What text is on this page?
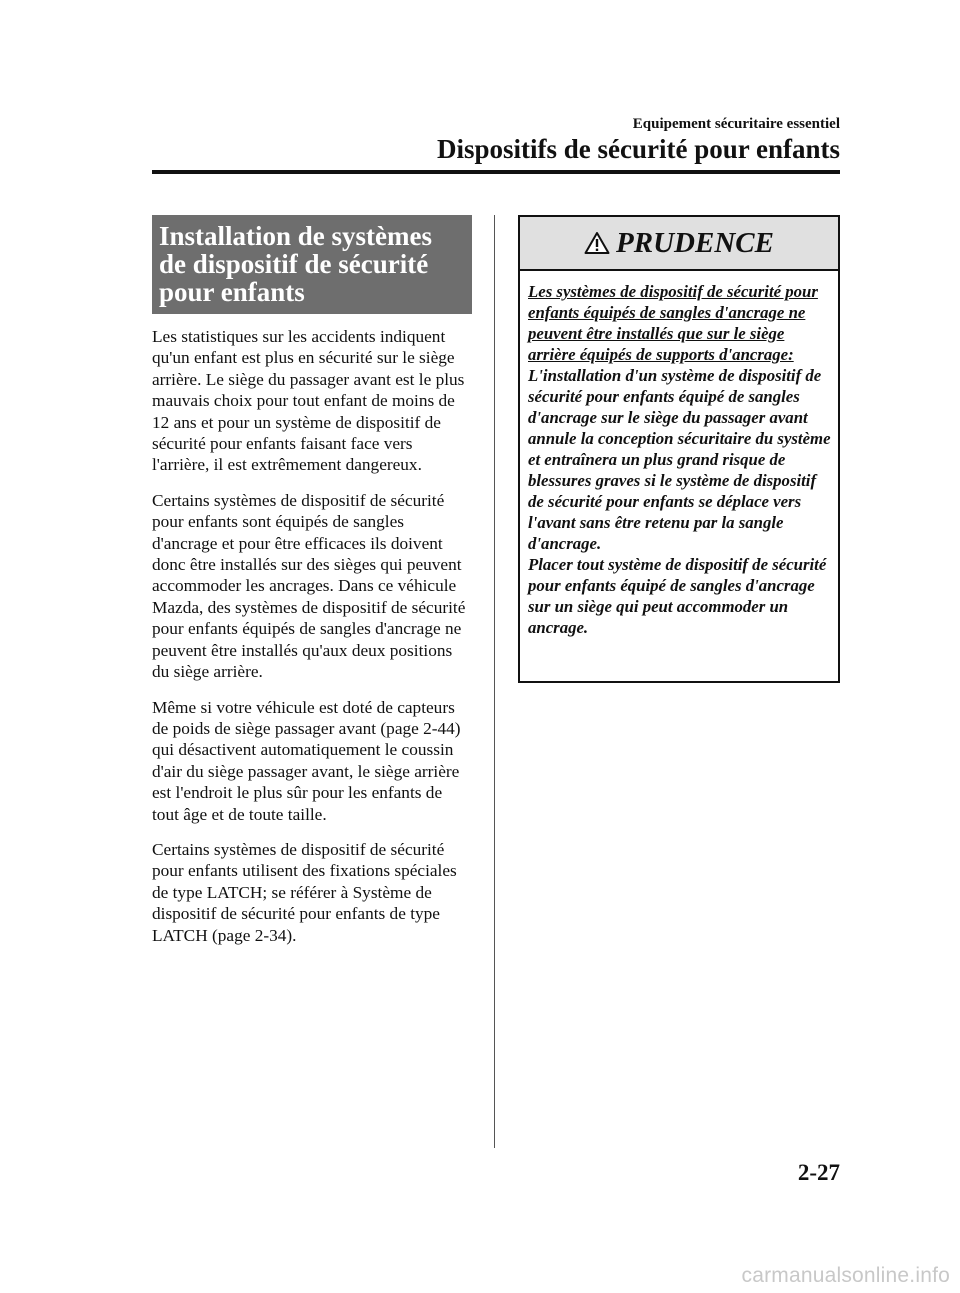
Equipement sécuritaire essentiel
Dispositifs de sécurité pour enfants
Installation de systèmes de dispositif de sécurité pour enfants

Les statistiques sur les accidents indiquent qu'un enfant est plus en sécurité sur le siège arrière. Le siège du passager avant est le plus mauvais choix pour tout enfant de moins de 12 ans et pour un système de dispositif de sécurité pour enfants faisant face vers l'arrière, il est extrêmement dangereux.

Certains systèmes de dispositif de sécurité pour enfants sont équipés de sangles d'ancrage et pour être efficaces ils doivent donc être installés sur des sièges qui peuvent accommoder les ancrages. Dans ce véhicule Mazda, des systèmes de dispositif de sécurité pour enfants équipés de sangles d'ancrage ne peuvent être installés qu'aux deux positions du siège arrière.

Même si votre véhicule est doté de capteurs de poids de siège passager avant (page 2-44) qui désactivent automatiquement le coussin d'air du siège passager avant, le siège arrière est l'endroit le plus sûr pour les enfants de tout âge et de toute taille.

Certains systèmes de dispositif de sécurité pour enfants utilisent des fixations spéciales de type LATCH; se référer à Système de dispositif de sécurité pour enfants de type LATCH (page 2-34).

PRUDENCE

Les systèmes de dispositif de sécurité pour enfants équipés de sangles d'ancrage ne peuvent être installés que sur le siège arrière équipés de supports d'ancrage:

L'installation d'un système de dispositif de sécurité pour enfants équipé de sangles d'ancrage sur le siège du passager avant annule la conception sécuritaire du système et entraînera un plus grand risque de blessures graves si le système de dispositif de sécurité pour enfants se déplace vers l'avant sans être retenu par la sangle d'ancrage.

Placer tout système de dispositif de sécurité pour enfants équipé de sangles d'ancrage sur un siège qui peut accommoder un ancrage.

2-27
carmanualsonline.info
